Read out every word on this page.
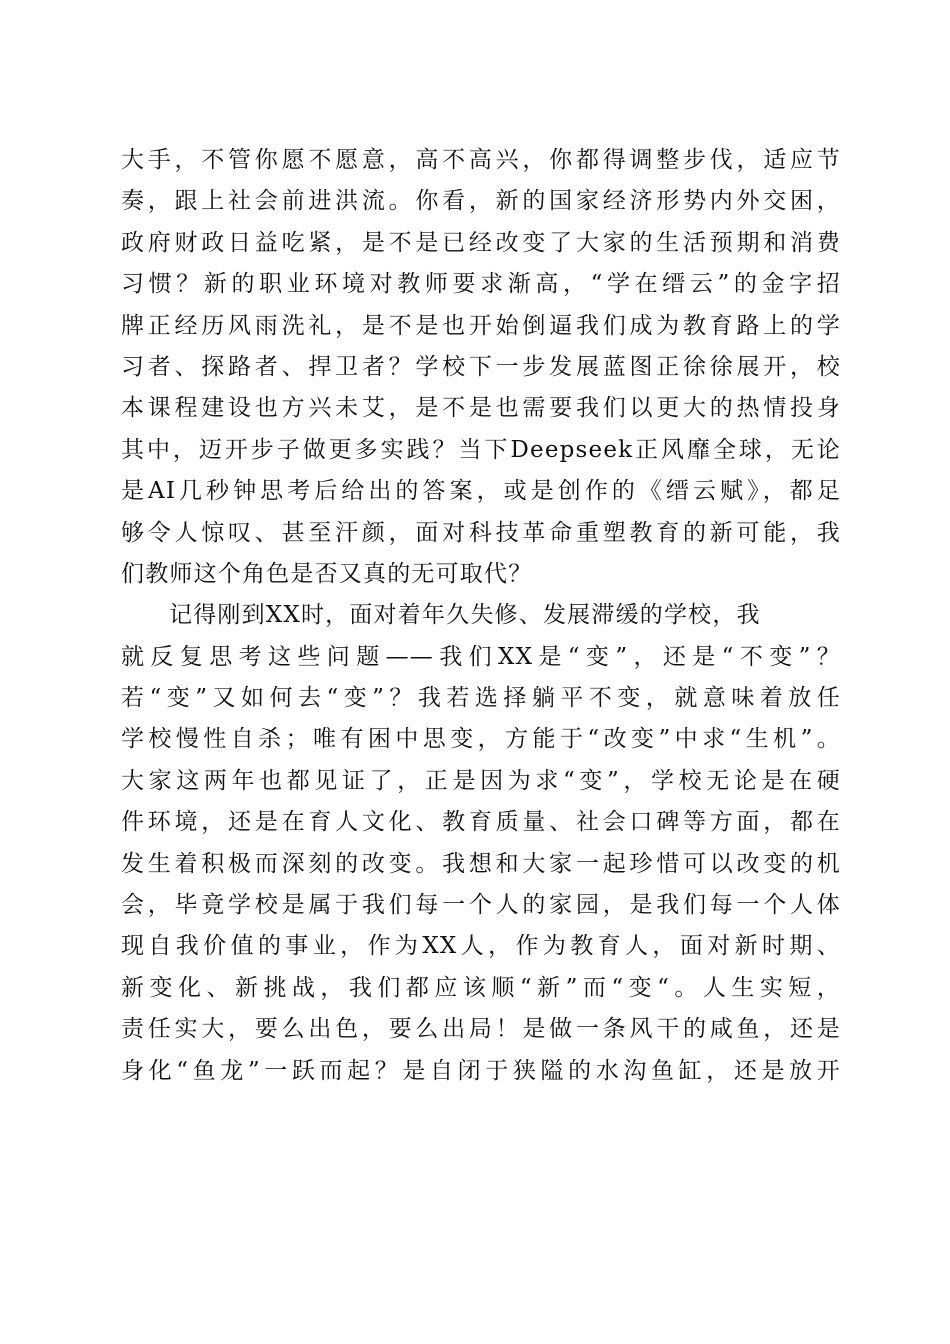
大手，不管你愿不愿意，高不高兴，你都得调整步伐，适应节
奏，跟上社会前进洪流。你看，新的国家经济形势内外交困，
政府财政日益吃紧，是不是已经改变了大家的生活预期和消费
习惯？新的职业环境对教师要求渐高，“学在缙云”的金字招
牌正经历风雨洗礼，是不是也开始倒逼我们成为教育路上的学
习者、探路者、捍卫者？学校下一步发展蓝图正徐徐展开，校
本课程建设也方兴未艾，是不是也需要我们以更大的热情投身
其中，迈开步子做更多实践？当下Deepseek正风靡全球，无论
是AI几秒钟思考后给出的答案，或是创作的《缙云赋》，都足
够令人惊叹、甚至汗颜，面对科技革命重塑教育的新可能，我
们教师这个角色是否又真的无可取代？
记得刚到XX时，面对着年久失修、发展滞缓的学校，我
就反复思考这些问题——我们XX是“变”，还是“不变”？
若“变”又如何去“变”？我若选择躺平不变，就意味着放任
学校慢性自杀；唯有困中思变，方能于“改变”中求“生机”。
大家这两年也都见证了，正是因为求“变”，学校无论是在硬
件环境，还是在育人文化、教育质量、社会口碑等方面，都在
发生着积极而深刻的改变。我想和大家一起珍惜可以改变的机
会，毕竟学校是属于我们每一个人的家园，是我们每一个人体
现自我价值的事业，作为XX人，作为教育人，面对新时期、
新变化、新挑战，我们都应该顺“新”而“变“。人生实短，
责任实大，要么出色，要么出局！是做一条风干的咸鱼，还是
身化“鱼龙”一跃而起？是自闭于狭隘的水沟鱼缸，还是放开
